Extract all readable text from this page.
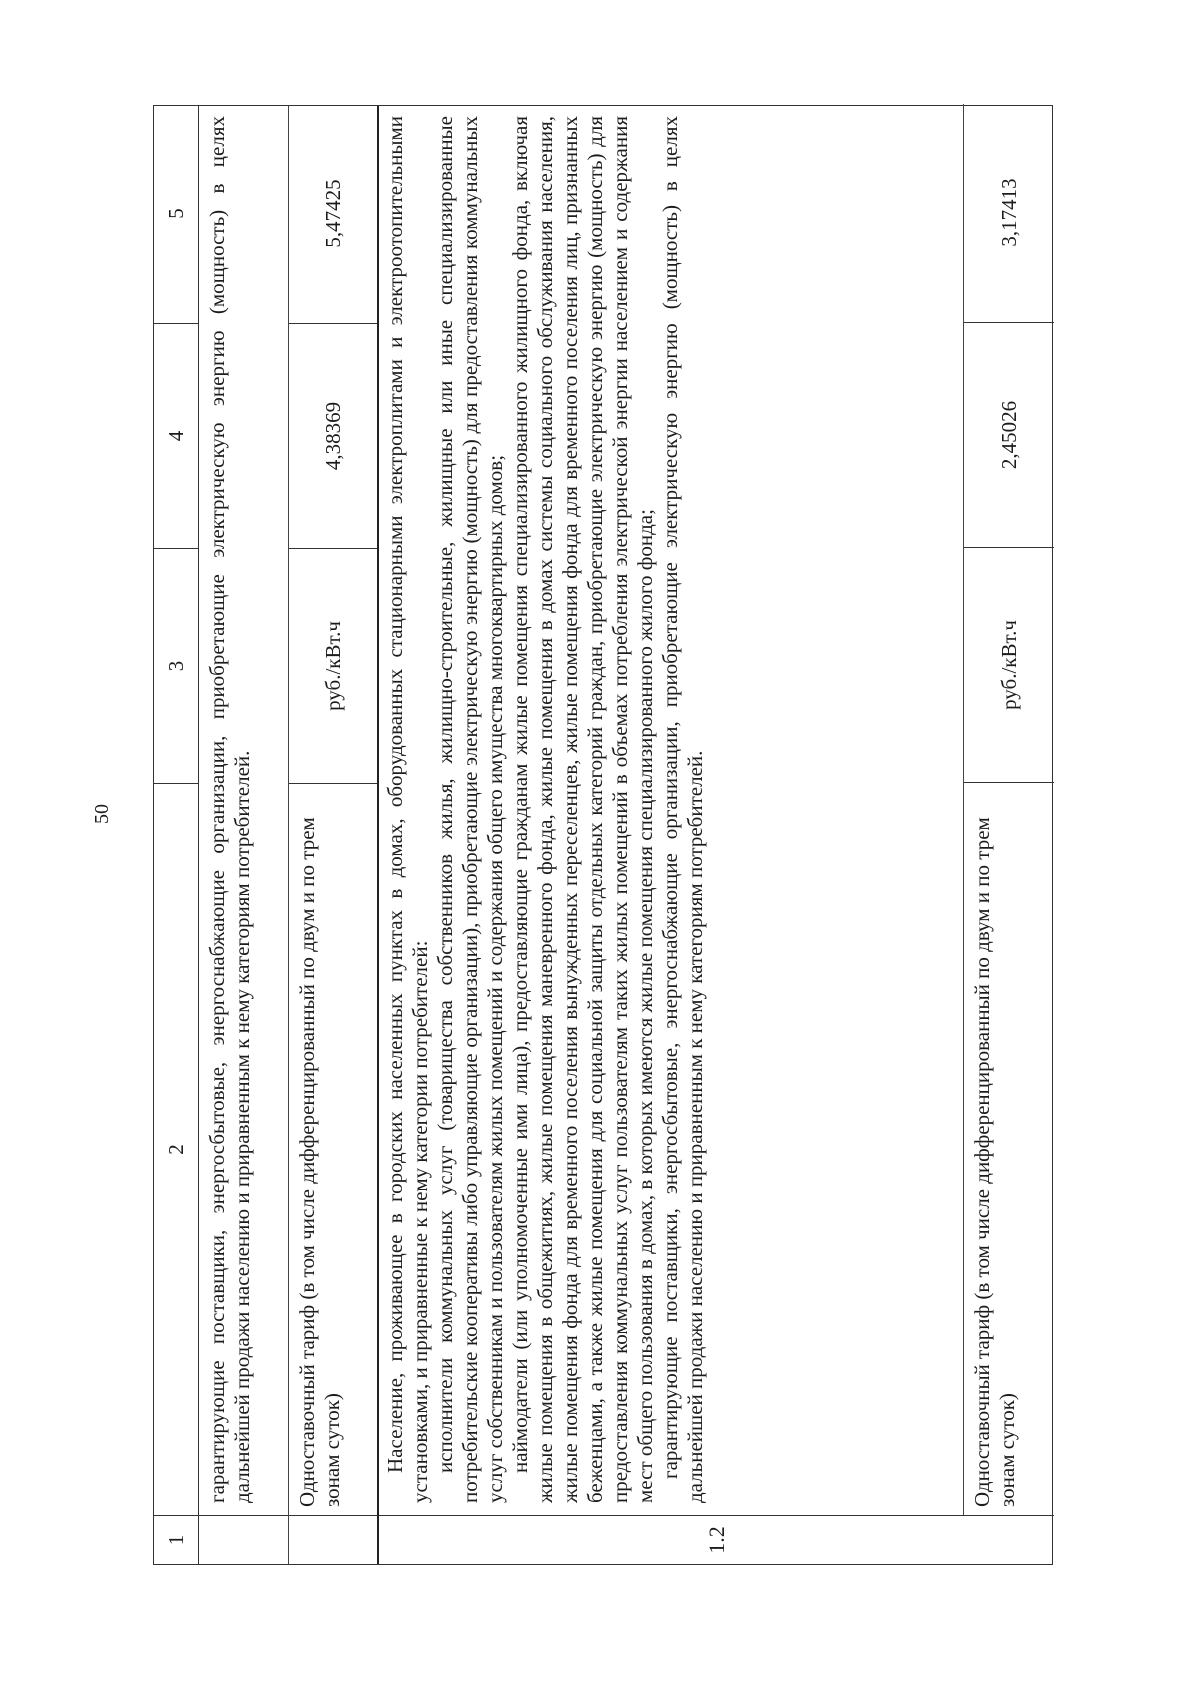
50
1
2
3
4
5 гарантирующие поставщики, энергосбытовые, энергоснабжающие организации, приобретающие электрическую энергию (мощность) в целях дальнейшей продажи населению и приравненным к нему категориям потребителей.	Одноставочный тариф (в том числе дифференцированный по двум и по трем зонам суток)
руб./кВт.ч
4,38369
5,47425
1.2

Население, проживающее в городских населенных пунктах в домах, оборудованных стационарными электроплитами и электроотопительными установками, и приравненные к нему категории потребителей: исполнители коммунальных услуг (товарищества собственников жилья, жилищно-строительные, жилищные или иные специализированные потребительские кооперативы либо управляющие организации), приобретающие электрическую энергию (мощность) для предоставления коммунальных услуг собственникам и пользователям жилых помещений и содержания общего имущества многоквартирных домов; наймодатели (или уполномоченные ими лица), предоставляющие гражданам жилые помещения специализированного жилищного фонда, включая жилые помещения в общежитиях, жилые помещения маневренного фонда, жилые помещения в домах системы социального обслуживания населения, жилые помещения фонда для временного поселения вынужденных переселенцев, жилые помещения фонда для временного поселения лиц, признанных беженцами, а также жилые помещения для социальной защиты отдельных категорий граждан, приобретающие электрическую энергию (мощность) для предоставления коммунальных услуг пользователям таких жилых помещений в объемах потребления электрической энергии населением и содержания мест общего пользования в домах, в которых имеются жилые помещения специализированного жилого фонда; гарантирующие поставщики, энергосбытовые, энергоснабжающие организации, приобретающие электрическую энергию (мощность) в целях дальнейшей продажи населению и приравненным к нему категориям потребителей.	Одноставочный тариф (в том числе дифференцированный по двум и по трем зонам суток)
руб./кВт.ч
2,45026
3,17413
